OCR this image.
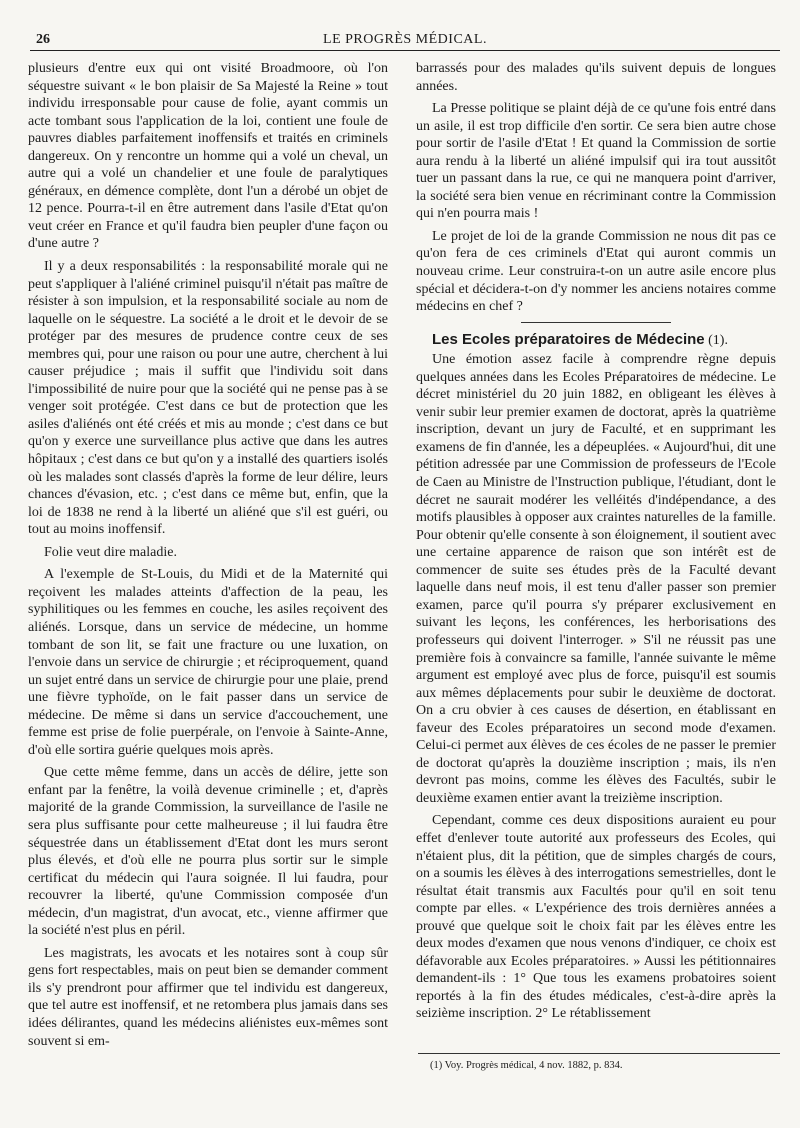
26	LE PROGRÈS MÉDICAL.

plusieurs d'entre eux qui ont visité Broadmoore, où l'on séquestre suivant « le bon plaisir de Sa Majesté la Reine » tout individu irresponsable pour cause de folie, ayant commis un acte tombant sous l'application de la loi, contient une foule de pauvres diables parfaitement inoffensifs et traités en criminels dangereux. On y rencontre un homme qui a volé un cheval, un autre qui a volé un chandelier et une foule de paralytiques généraux, en démence complète, dont l'un a dérobé un objet de 12 pence. Pourra-t-il en être autrement dans l'asile d'Etat qu'on veut créer en France et qu'il faudra bien peupler d'une façon ou d'une autre ?

Il y a deux responsabilités : la responsabilité morale qui ne peut s'appliquer à l'aliéné criminel puisqu'il n'était pas maître de résister à son impulsion, et la responsabilité sociale au nom de laquelle on le séquestre. La société a le droit et le devoir de se protéger par des mesures de prudence contre ceux de ses membres qui, pour une raison ou pour une autre, cherchent à lui causer préjudice ; mais il suffit que l'individu soit dans l'impossibilité de nuire pour que la société qui ne pense pas à se venger soit protégée. C'est dans ce but de protection que les asiles d'aliénés ont été créés et mis au monde ; c'est dans ce but qu'on y exerce une surveillance plus active que dans les autres hôpitaux ; c'est dans ce but qu'on y a installé des quartiers isolés où les malades sont classés d'après la forme de leur délire, leurs chances d'évasion, etc. ; c'est dans ce même but, enfin, que la loi de 1838 ne rend à la liberté un aliéné que s'il est guéri, ou tout au moins inoffensif.

Folie veut dire maladie.

A l'exemple de St-Louis, du Midi et de la Maternité qui reçoivent les malades atteints d'affection de la peau, les syphilitiques ou les femmes en couche, les asiles reçoivent des aliénés. Lorsque, dans un service de médecine, un homme tombant de son lit, se fait une fracture ou une luxation, on l'envoie dans un service de chirurgie ; et réciproquement, quand un sujet entré dans un service de chirurgie pour une plaie, prend une fièvre typhoïde, on le fait passer dans un service de médecine. De même si dans un service d'accouchement, une femme est prise de folie puerpérale, on l'envoie à Sainte-Anne, d'où elle sortira guérie quelques mois après.

Que cette même femme, dans un accès de délire, jette son enfant par la fenêtre, la voilà devenue criminelle ; et, d'après majorité de la grande Commission, la surveillance de l'asile ne sera plus suffisante pour cette malheureuse ; il lui faudra être séquestrée dans un établissement d'Etat dont les murs seront plus élevés, et d'où elle ne pourra plus sortir sur le simple certificat du médecin qui l'aura soignée. Il lui faudra, pour recouvrer la liberté, qu'une Commission composée d'un médecin, d'un magistrat, d'un avocat, etc., vienne affirmer que la société n'est plus en péril.

Les magistrats, les avocats et les notaires sont à coup sûr gens fort respectables, mais on peut bien se demander comment ils s'y prendront pour affirmer que tel individu est dangereux, que tel autre est inoffensif, et ne retombera plus jamais dans ses idées délirantes, quand les médecins aliénistes eux-mêmes sont souvent si em-

barrassés pour des malades qu'ils suivent depuis de longues années.

La Presse politique se plaint déjà de ce qu'une fois entré dans un asile, il est trop difficile d'en sortir. Ce sera bien autre chose pour sortir de l'asile d'Etat ! Et quand la Commission de sortie aura rendu à la liberté un aliéné impulsif qui ira tout aussitôt tuer un passant dans la rue, ce qui ne manquera point d'arriver, la société sera bien venue en récriminant contre la Commission qui n'en pourra mais !

Le projet de loi de la grande Commission ne nous dit pas ce qu'on fera de ces criminels d'Etat qui auront commis un nouveau crime. Leur construira-t-on un autre asile encore plus spécial et décidera-t-on d'y nommer les anciens notaires comme médecins en chef ?

Les Ecoles préparatoires de Médecine (1).

Une émotion assez facile à comprendre règne depuis quelques années dans les Ecoles Préparatoires de médecine. Le décret ministériel du 20 juin 1882, en obligeant les élèves à venir subir leur premier examen de doctorat, après la quatrième inscription, devant un jury de Faculté, et en supprimant les examens de fin d'année, les a dépeuplées. « Aujourd'hui, dit une pétition adressée par une Commission de professeurs de l'Ecole de Caen au Ministre de l'Instruction publique, l'étudiant, dont le décret ne saurait modérer les velléités d'indépendance, a des motifs plausibles à opposer aux craintes naturelles de la famille. Pour obtenir qu'elle consente à son éloignement, il soutient avec une certaine apparence de raison que son intérêt est de commencer de suite ses études près de la Faculté devant laquelle dans neuf mois, il est tenu d'aller passer son premier examen, parce qu'il pourra s'y préparer exclusivement en suivant les leçons, les conférences, les herborisations des professeurs qui doivent l'interroger. » S'il ne réussit pas une première fois à convaincre sa famille, l'année suivante le même argument est employé avec plus de force, puisqu'il est soumis aux mêmes déplacements pour subir le deuxième de doctorat. On a cru obvier à ces causes de désertion, en établissant en faveur des Ecoles préparatoires un second mode d'examen. Celui-ci permet aux élèves de ces écoles de ne passer le premier de doctorat qu'après la douzième inscription ; mais, ils n'en devront pas moins, comme les élèves des Facultés, subir le deuxième examen entier avant la treizième inscription.

Cependant, comme ces deux dispositions auraient eu pour effet d'enlever toute autorité aux professeurs des Ecoles, qui n'étaient plus, dit la pétition, que de simples chargés de cours, on a soumis les élèves à des interrogations semestrielles, dont le résultat était transmis aux Facultés pour qu'il en soit tenu compte par elles. « L'expérience des trois dernières années a prouvé que quelque soit le choix fait par les élèves entre les deux modes d'examen que nous venons d'indiquer, ce choix est défavorable aux Ecoles préparatoires. » Aussi les pétitionnaires demandent-ils : 1° Que tous les examens probatoires soient reportés à la fin des études médicales, c'est-à-dire après la seizième inscription. 2° Le rétablissement

(1) Voy. Progrès médical, 4 nov. 1882, p. 834.
